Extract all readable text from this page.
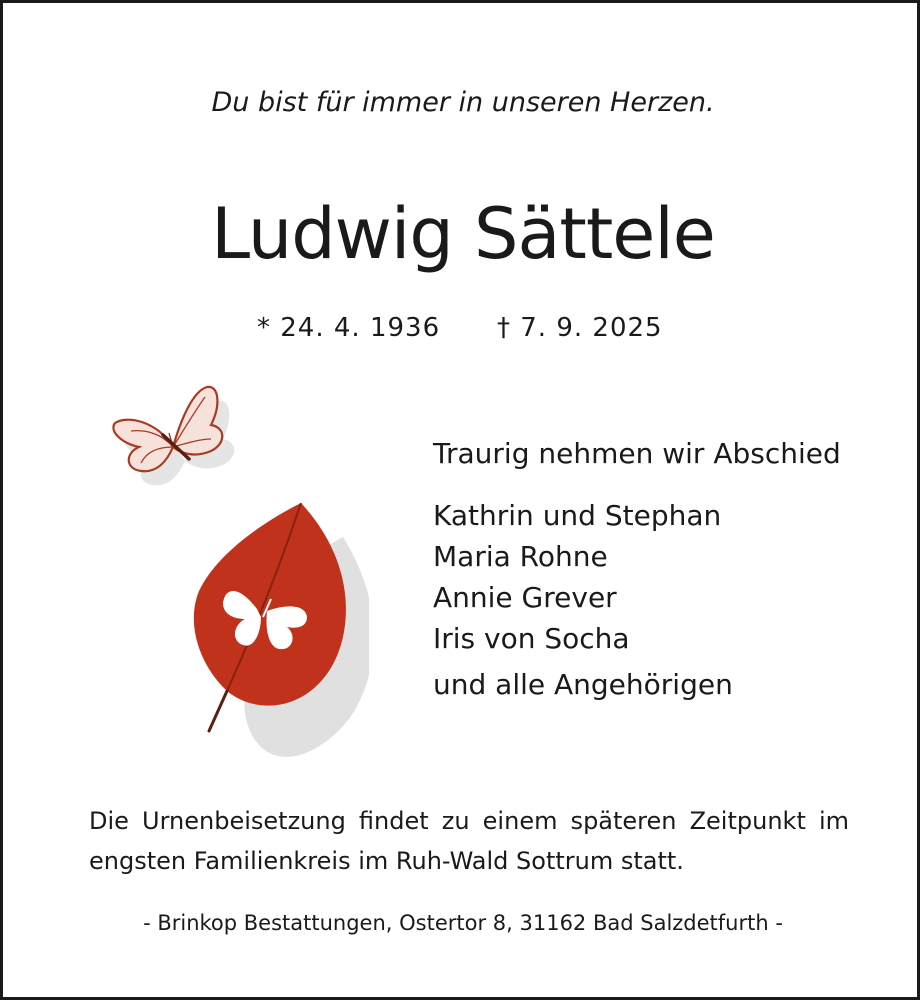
Du bist für immer in unseren Herzen.
Ludwig Sättele
* 24. 4. 1936 † 7. 9. 2025
Traurig nehmen wir Abschied
Kathrin und Stephan
Maria Rohne
Annie Grever
Iris von Socha
und alle Angehörigen
Die Urnenbeisetzung findet zu einem späteren Zeitpunkt im engsten Familienkreis im Ruh-Wald Sottrum statt.
- Brinkop Bestattungen, Ostertor 8, 31162 Bad Salzdetfurth -
